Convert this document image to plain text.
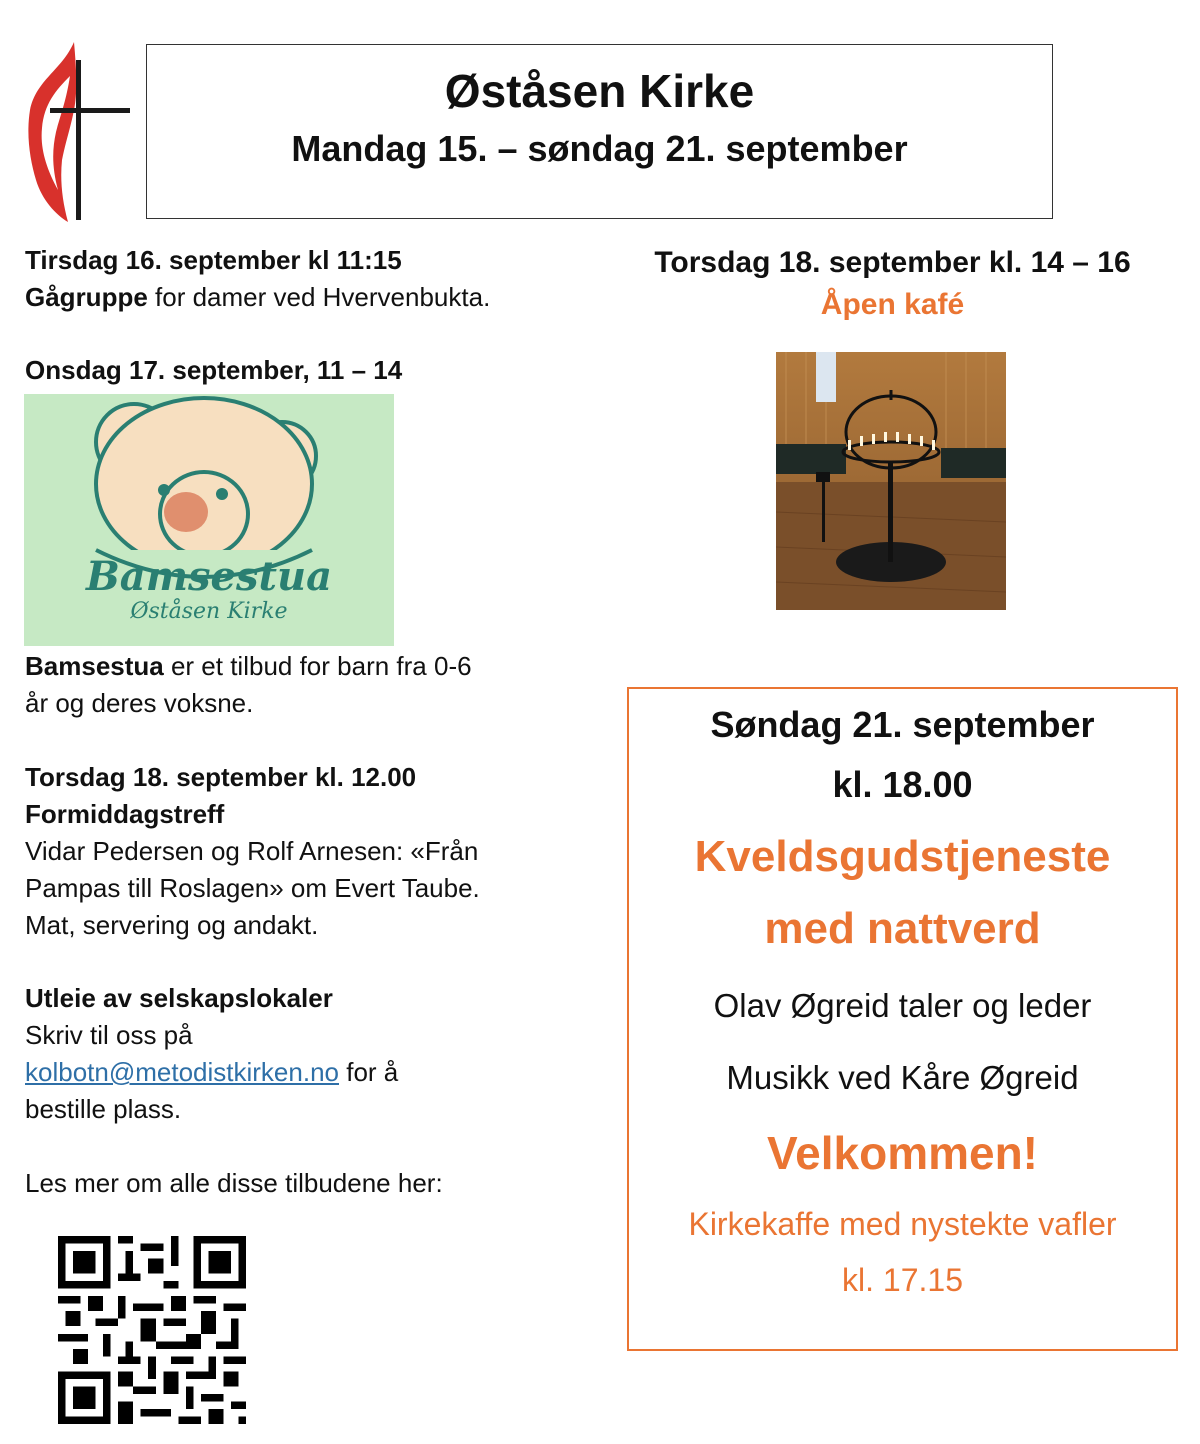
Øståsen Kirke
Mandag 15. – søndag 21. september
Tirsdag 16. september kl 11:15
Gågruppe for damer ved Hvervenbukta.
Onsdag 17. september, 11 – 14
Bamsestua
Øståsen Kirke
Bamsestua er et tilbud for barn fra 0-6
år og deres voksne.
Torsdag 18. september kl. 12.00
Formiddagstreff
Vidar Pedersen og Rolf Arnesen: «Från
Pampas till Roslagen» om Evert Taube.
Mat, servering og andakt.
Utleie av selskapslokaler
Skriv til oss på
kolbotn@metodistkirken.no for å
bestille plass.
Les mer om alle disse tilbudene her:
Torsdag 18. september kl. 14 – 16
Åpen kafé
Søndag 21. september
kl. 18.00
Kveldsgudstjeneste
med nattverd
Olav Øgreid taler og leder
Musikk ved Kåre Øgreid
Velkommen!
Kirkekaffe med nystekte vafler
kl. 17.15
